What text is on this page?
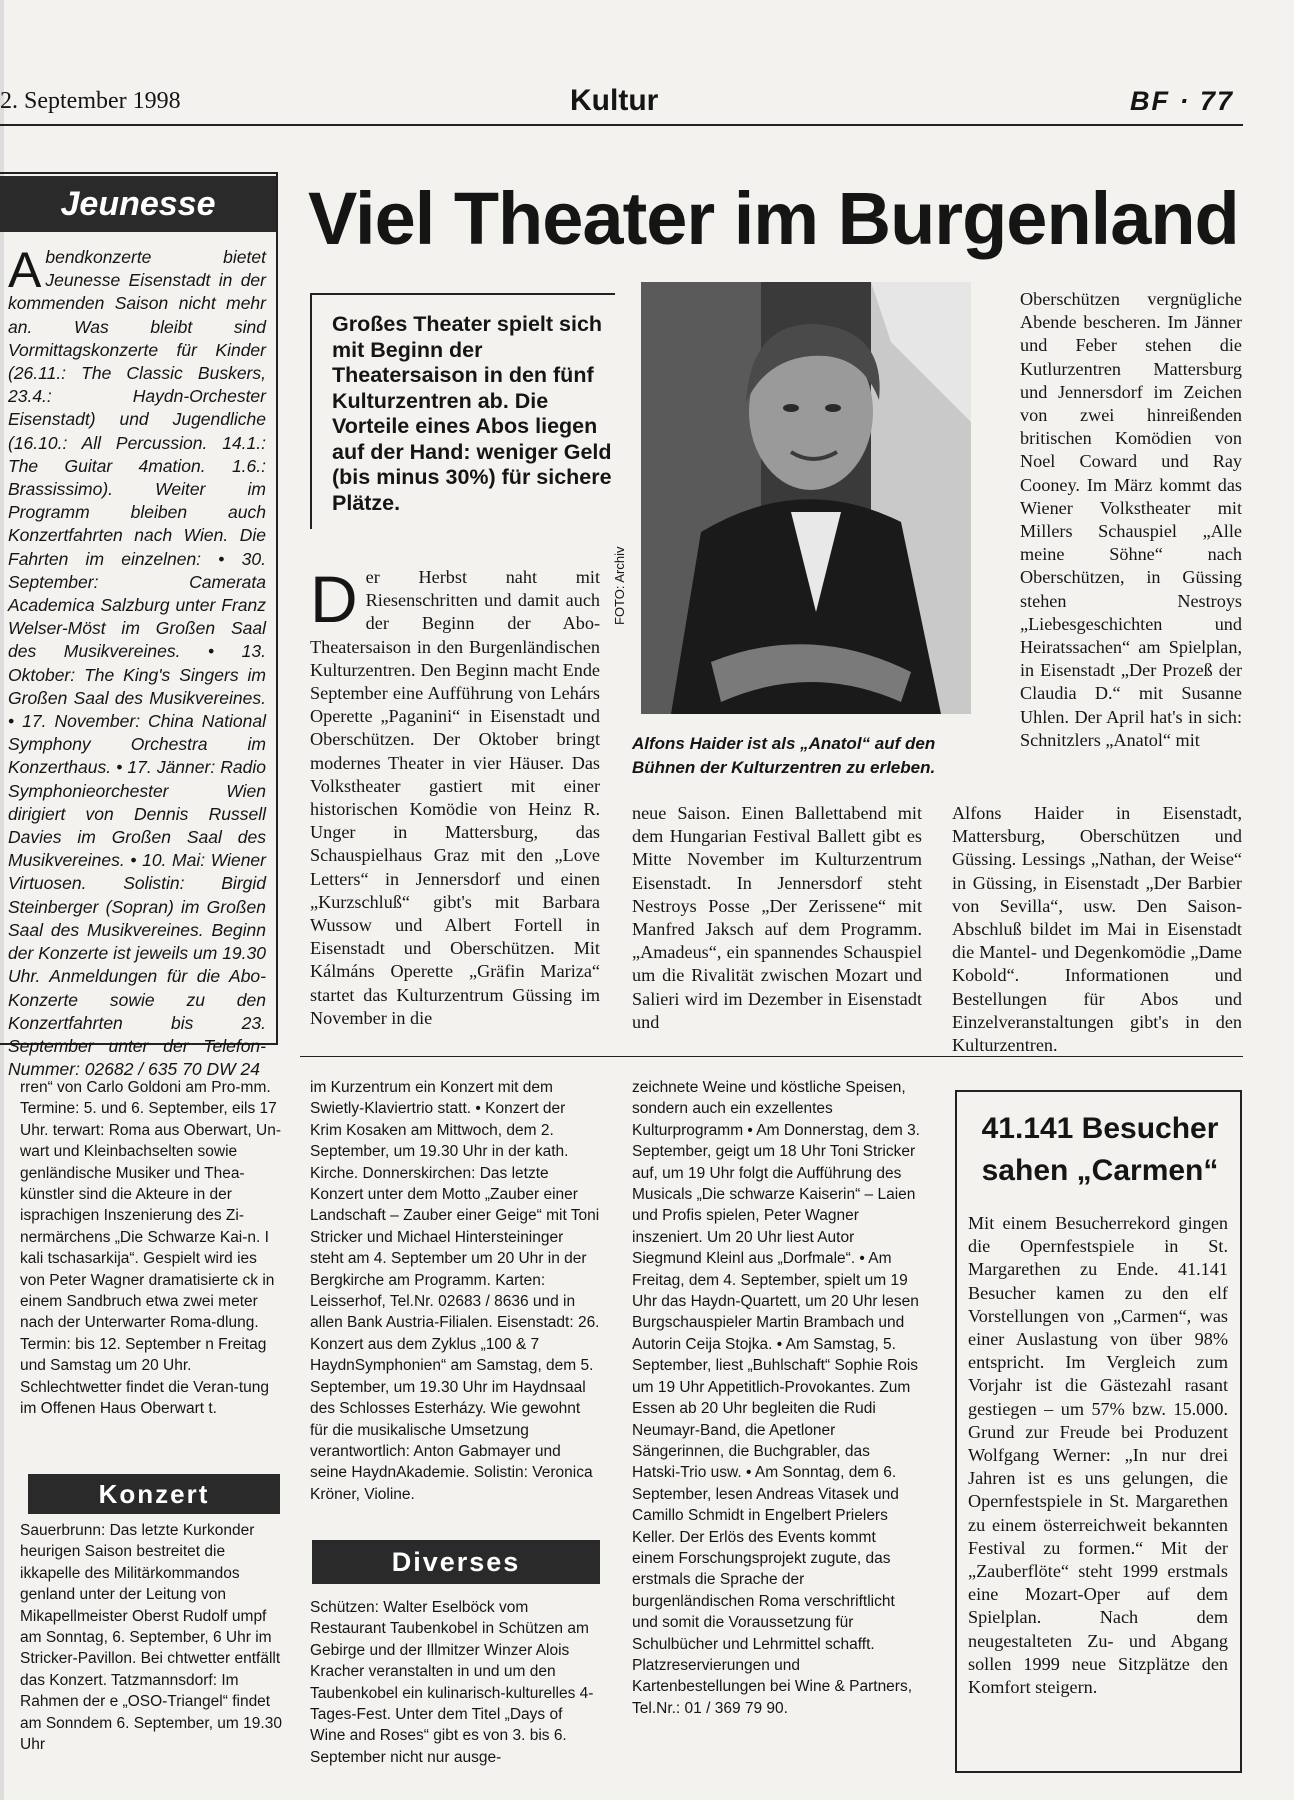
2. September 1998	Kultur	BF · 77
Jeunesse

Abendkonzerte bietet Jeunesse Eisenstadt in der kommenden Saison nicht mehr an. Was bleibt sind Vormittagskonzerte für Kinder (26.11.: The Classic Buskers, 23.4.: Haydn-Orchester Eisenstadt) und Jugendliche (16.10.: All Percussion. 14.1.: The Guitar 4mation. 1.6.: Brassissimo). Weiter im Programm bleiben auch Konzertfahrten nach Wien. Die Fahrten im einzelnen: • 30. September: Camerata Academica Salzburg unter Franz Welser-Möst im Großen Saal des Musikvereines. • 13. Oktober: The King's Singers im Großen Saal des Musikvereines. • 17. November: China National Symphony Orchestra im Konzerthaus. • 17. Jänner: Radio Symphonieorchester Wien dirigiert von Dennis Russell Davies im Großen Saal des Musikvereines. • 10. Mai: Wiener Virtuosen. Solistin: Birgid Steinberger (Sopran) im Großen Saal des Musikvereines. Beginn der Konzerte ist jeweils um 19.30 Uhr. Anmeldungen für die Abo-Konzerte sowie zu den Konzertfahrten bis 23. September unter der Telefon-Nummer: 02682 / 635 70 DW 24

Viel Theater im Burgenland

Großes Theater spielt sich mit Beginn der Theatersaison in den fünf Kulturzentren ab. Die Vorteile eines Abos liegen auf der Hand: weniger Geld (bis minus 30%) für sichere Plätze.

FOTO: Archiv

Alfons Haider ist als „Anatol“ auf den Bühnen der Kulturzentren zu erleben.

Der Herbst naht mit Riesenschritten und damit auch der Beginn der Abo-Theatersaison in den Burgenländischen Kulturzentren. Den Beginn macht Ende September eine Aufführung von Lehárs Operette „Paganini“ in Eisenstadt und Oberschützen. Der Oktober bringt modernes Theater in vier Häuser. Das Volkstheater gastiert mit einer historischen Komödie von Heinz R. Unger in Mattersburg, das Schauspielhaus Graz mit den „Love Letters“ in Jennersdorf und einen „Kurzschluß“ gibt's mit Barbara Wussow und Albert Fortell in Eisenstadt und Oberschützen. Mit Kálmáns Operette „Gräfin Mariza“ startet das Kulturzentrum Güssing im November in die

neue Saison. Einen Ballettabend mit dem Hungarian Festival Ballett gibt es Mitte November im Kulturzentrum Eisenstadt. In Jennersdorf steht Nestroys Posse „Der Zerissene“ mit Manfred Jaksch auf dem Programm. „Amadeus“, ein spannendes Schauspiel um die Rivalität zwischen Mozart und Salieri wird im Dezember in Eisenstadt und

Oberschützen vergnügliche Abende bescheren. Im Jänner und Feber stehen die Kutlurzentren Mattersburg und Jennersdorf im Zeichen von zwei hinreißenden britischen Komödien von Noel Coward und Ray Cooney. Im März kommt das Wiener Volkstheater mit Millers Schauspiel „Alle meine Söhne“ nach Oberschützen, in Güssing stehen Nestroys „Liebesgeschichten und Heiratssachen“ am Spielplan, in Eisenstadt „Der Prozeß der Claudia D.“ mit Susanne Uhlen. Der April hat's in sich: Schnitzlers „Anatol“ mit

Alfons Haider in Eisenstadt, Mattersburg, Oberschützen und Güssing. Lessings „Nathan, der Weise“ in Güssing, in Eisenstadt „Der Barbier von Sevilla“, usw. Den Saison-Abschluß bildet im Mai in Eisenstadt die Mantel- und Degenkomödie „Dame Kobold“. Informationen und Bestellungen für Abos und Einzelveranstaltungen gibt's in den Kulturzentren.

rren“ von Carlo Goldoni am Pro-mm. Termine: 5. und 6. September, eils 17 Uhr. terwart: Roma aus Oberwart, Un-wart und Kleinbachselten sowie genländische Musiker und Thea-künstler sind die Akteure in der isprachigen Inszenierung des Zi-nermärchens „Die Schwarze Kai-n. I kali tschasarkija“. Gespielt wird ies von Peter Wagner dramatisierte ck in einem Sandbruch etwa zwei meter nach der Unterwarter Roma-dlung. Termin: bis 12. September n Freitag und Samstag um 20 Uhr. Schlechtwetter findet die Veran-tung im Offenen Haus Oberwart t.

im Kurzentrum ein Konzert mit dem Swietly-Klaviertrio statt. • Konzert der Krim Kosaken am Mittwoch, dem 2. September, um 19.30 Uhr in der kath. Kirche. Donnerskirchen: Das letzte Konzert unter dem Motto „Zauber einer Landschaft – Zauber einer Geige“ mit Toni Stricker und Michael Hintersteininger steht am 4. September um 20 Uhr in der Bergkirche am Programm. Karten: Leisserhof, Tel.Nr. 02683 / 8636 und in allen Bank Austria-Filialen. Eisenstadt: 26. Konzert aus dem Zyklus „100 & 7 HaydnSymphonien“ am Samstag, dem 5. September, um 19.30 Uhr im Haydnsaal des Schlosses Esterházy. Wie gewohnt für die musikalische Umsetzung verantwortlich: Anton Gabmayer und seine HaydnAkademie. Solistin: Veronica Kröner, Violine.

zeichnete Weine und köstliche Speisen, sondern auch ein exzellentes Kulturprogramm • Am Donnerstag, dem 3. September, geigt um 18 Uhr Toni Stricker auf, um 19 Uhr folgt die Aufführung des Musicals „Die schwarze Kaiserin“ – Laien und Profis spielen, Peter Wagner inszeniert. Um 20 Uhr liest Autor Siegmund Kleinl aus „Dorfmale“. • Am Freitag, dem 4. September, spielt um 19 Uhr das Haydn-Quartett, um 20 Uhr lesen Burgschauspieler Martin Brambach und Autorin Ceija Stojka. • Am Samstag, 5. September, liest „Buhlschaft“ Sophie Rois um 19 Uhr Appetitlich-Provokantes. Zum Essen ab 20 Uhr begleiten die Rudi Neumayr-Band, die Apetloner Sängerinnen, die Buchgrabler, das Hatski-Trio usw. • Am Sonntag, dem 6. September, lesen Andreas Vitasek und Camillo Schmidt in Engelbert Prielers Keller. Der Erlös des Events kommt einem Forschungsprojekt zugute, das erstmals die Sprache der burgenländischen Roma verschriftlicht und somit die Voraussetzung für Schulbücher und Lehrmittel schafft. Platzreservierungen und Kartenbestellungen bei Wine & Partners, Tel.Nr.: 01 / 369 79 90.

Konzert

Sauerbrunn: Das letzte Kurkonder heurigen Saison bestreitet die ikkapelle des Militärkommandos genland unter der Leitung von Mikapellmeister Oberst Rudolf umpf am Sonntag, 6. September, 6 Uhr im Stricker-Pavillon. Bei chtwetter entfällt das Konzert. Tatzmannsdorf: Im Rahmen der e „OSO-Triangel“ findet am Sonndem 6. September, um 19.30 Uhr

Diverses

Schützen: Walter Eselböck vom Restaurant Taubenkobel in Schützen am Gebirge und der Illmitzer Winzer Alois Kracher veranstalten in und um den Taubenkobel ein kulinarisch-kulturelles 4-Tages-Fest. Unter dem Titel „Days of Wine and Roses“ gibt es von 3. bis 6. September nicht nur ausge-

41.141 Besucher sahen „Carmen“

Mit einem Besucherrekord gingen die Opernfestspiele in St. Margarethen zu Ende. 41.141 Besucher kamen zu den elf Vorstellungen von „Carmen“, was einer Auslastung von über 98% entspricht. Im Vergleich zum Vorjahr ist die Gästezahl rasant gestiegen – um 57% bzw. 15.000. Grund zur Freude bei Produzent Wolfgang Werner: „In nur drei Jahren ist es uns gelungen, die Opernfestspiele in St. Margarethen zu einem österreichweit bekannten Festival zu formen.“ Mit der „Zauberflöte“ steht 1999 erstmals eine Mozart-Oper auf dem Spielplan. Nach dem neugestalteten Zu- und Abgang sollen 1999 neue Sitzplätze den Komfort steigern.
